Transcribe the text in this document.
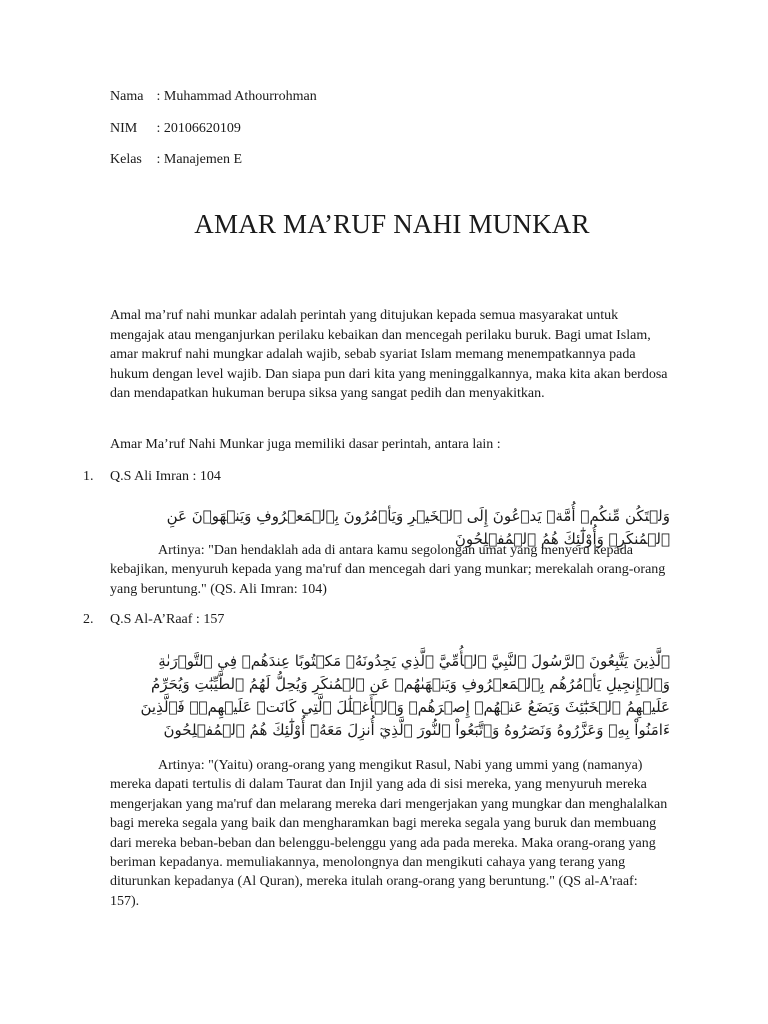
Nama : Muhammad Athourrohman
NIM : 20106620109
Kelas : Manajemen E
AMAR MA’RUF NAHI MUNKAR

Amal ma’ruf nahi munkar adalah perintah yang ditujukan kepada semua masyarakat untuk mengajak atau menganjurkan perilaku kebaikan dan mencegah perilaku buruk. Bagi umat Islam, amar makruf nahi mungkar adalah wajib, sebab syariat Islam memang menempatkannya pada hukum dengan level wajib. Dan siapa pun dari kita yang meninggalkannya, maka kita akan berdosa dan mendapatkan hukuman berupa siksa yang sangat pedih dan menyakitkan.

Amar Ma’ruf Nahi Munkar juga memiliki dasar perintah, antara lain :

1. Q.S Ali Imran : 104

وَلۡتَكُن مِّنكُمۡ أُمَّةٞ يَدۡعُونَ إِلَى ٱلۡخَيۡرِ وَيَأۡمُرُونَ بِٱلۡمَعۡرُوفِ وَيَنۡهَوۡنَ عَنِ ٱلۡمُنكَرِۚ وَأُوْلَٰٓئِكَ هُمُ ٱلۡمُفۡلِحُونَ

Artinya: "Dan hendaklah ada di antara kamu segolongan umat yang menyeru kepada kebajikan, menyuruh kepada yang ma'ruf dan mencegah dari yang munkar; merekalah orang-orang yang beruntung." (QS. Ali Imran: 104)

2. Q.S Al-A’Raaf : 157

ٱلَّذِينَ يَتَّبِعُونَ ٱلرَّسُولَ ٱلنَّبِيَّ ٱلۡأُمِّيَّ ٱلَّذِي يَجِدُونَهُۥ مَكۡتُوبًا عِندَهُمۡ فِي ٱلتَّوۡرَىٰةِ وَٱلۡإِنجِيلِ يَأۡمُرُهُم بِٱلۡمَعۡرُوفِ وَيَنۡهَىٰهُمۡ عَنِ ٱلۡمُنكَرِ وَيُحِلُّ لَهُمُ ٱلطَّيِّبَٰتِ وَيُحَرِّمُ عَلَيۡهِمُ ٱلۡخَبَٰٓئِثَ وَيَضَعُ عَنۡهُمۡ إِصۡرَهُمۡ وَٱلۡأَغۡلَٰلَ ٱلَّتِي كَانَتۡ عَلَيۡهِمۡۚ فَٱلَّذِينَ ءَامَنُواْ بِهِۦ وَعَزَّرُوهُ وَنَصَرُوهُ وَٱتَّبَعُواْ ٱلنُّورَ ٱلَّذِيٓ أُنزِلَ مَعَهُۥٓ أُوْلَٰٓئِكَ هُمُ ٱلۡمُفۡلِحُونَ

Artinya: "(Yaitu) orang-orang yang mengikut Rasul, Nabi yang ummi yang (namanya) mereka dapati tertulis di dalam Taurat dan Injil yang ada di sisi mereka, yang menyuruh mereka mengerjakan yang ma'ruf dan melarang mereka dari mengerjakan yang mungkar dan menghalalkan bagi mereka segala yang baik dan mengharamkan bagi mereka segala yang buruk dan membuang dari mereka beban-beban dan belenggu-belenggu yang ada pada mereka. Maka orang-orang yang beriman kepadanya. memuliakannya, menolongnya dan mengikuti cahaya yang terang yang diturunkan kepadanya (Al Quran), mereka itulah orang-orang yang beruntung." (QS al-A'raaf: 157).
